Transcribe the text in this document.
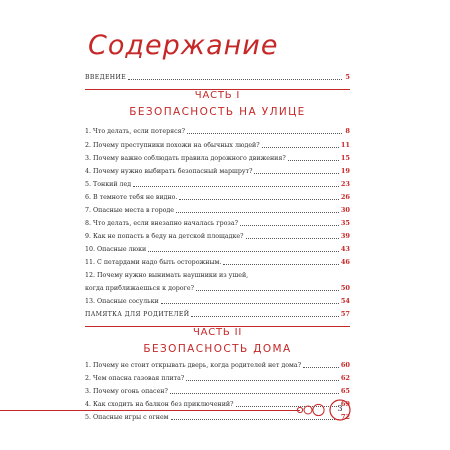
Содержание
ВВЕДЕНИЕ	5
ЧАСТЬ I
БЕЗОПАСНОСТЬ НА УЛИЦЕ
1. Что делать, если потеряся?	8
2. Почему преступники похожи на обычных людей?	11
3. Почему важно соблюдать правила дорожного движения?	15
4. Почему нужно выбирать безопасный маршрут?	19
5. Тонкий лед	23
6. В темноте тебя не видно.	26
7. Опасные места в городе	30
8. Что делать, если внезапно началась гроза?	35
9. Как не попасть в беду на детской площадке?	39
10. Опасные люки	43
11. С петардами надо быть осторожным.	46
12. Почему нужно вынимать наушники из ушей,
когда приближаешься к дороге?	50
13. Опасные сосульки	54
ПАМЯТКА ДЛЯ РОДИТЕЛЕЙ	57
ЧАСТЬ II
БЕЗОПАСНОСТЬ ДОМА
1. Почему не стоит открывать дверь, когда родителей нет дома?	60
2. Чем опасна газовая плита?	62
3. Почему огонь опасен?	65
4. Как сходить на балкон без приключений?	69
5. Опасные игры с огнем	72
3
